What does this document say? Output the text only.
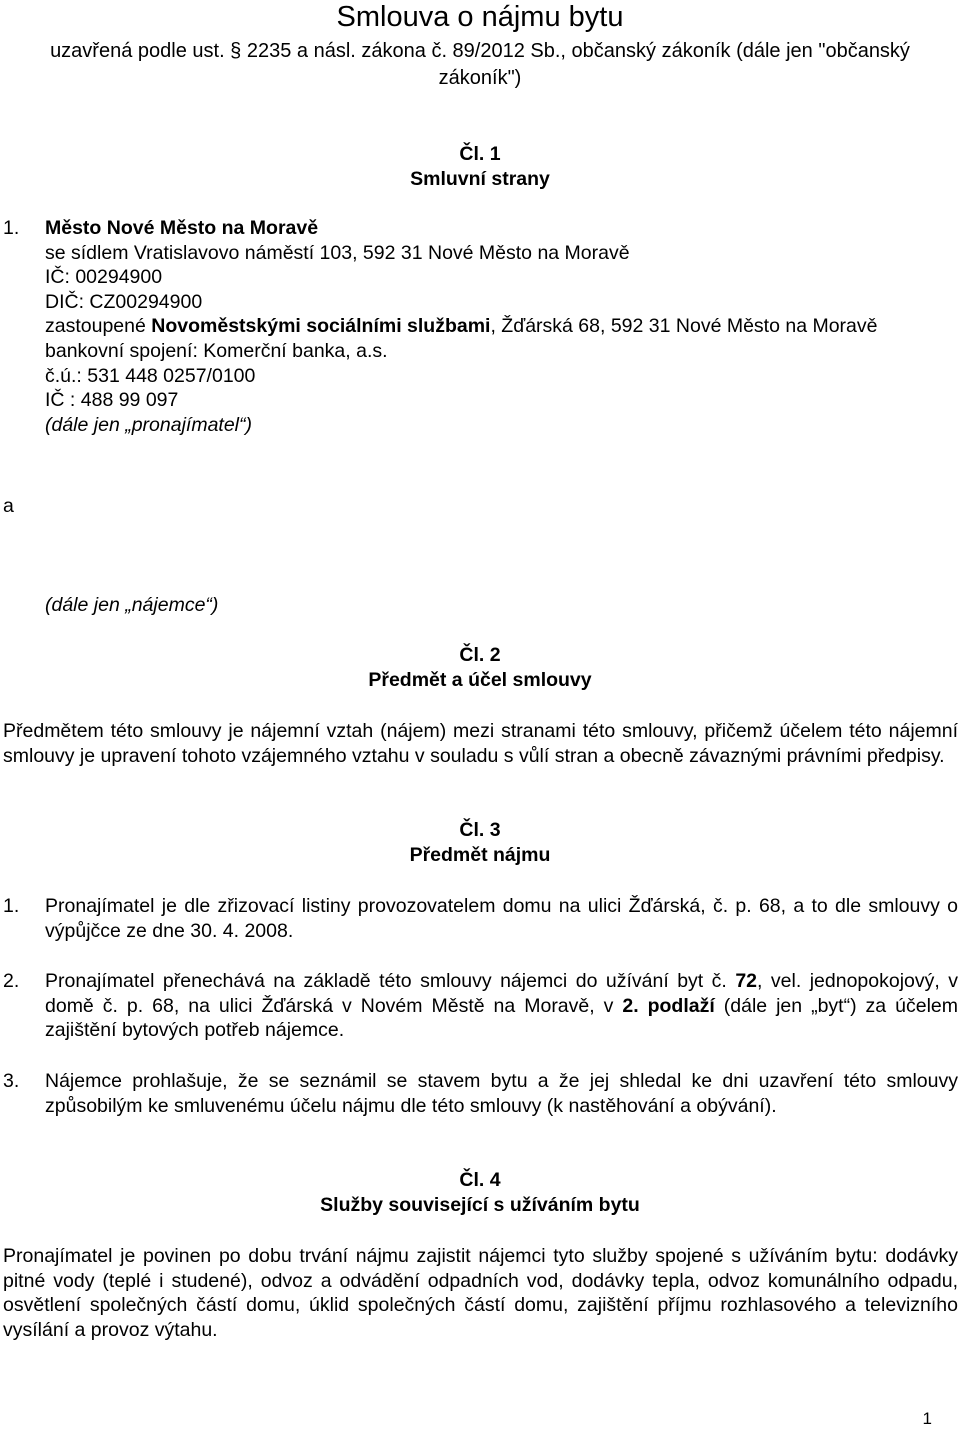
Smlouva o nájmu bytu
uzavřená podle ust. § 2235 a násl. zákona č. 89/2012 Sb., občanský zákoník (dále jen "občanský
zákoník")
Čl. 1
Smluvní strany
1. Město Nové Město na Moravě
se sídlem Vratislavovo náměstí 103, 592 31 Nové Město na Moravě
IČ: 00294900
DIČ: CZ00294900
zastoupené Novoměstskými sociálními službami, Žďárská 68, 592 31 Nové Město na Moravě
bankovní spojení: Komerční banka, a.s.
č.ú.: 531 448 0257/0100
IČ : 488 99 097
(dále jen „pronajímatel“)
a
(dále jen „nájemce“)
Čl. 2
Předmět a účel smlouvy
Předmětem této smlouvy je nájemní vztah (nájem) mezi stranami této smlouvy, přičemž účelem této nájemní smlouvy je upravení tohoto vzájemného vztahu v souladu s vůlí stran a obecně závaznými právními předpisy.
Čl. 3
Předmět nájmu
1. Pronajímatel je dle zřizovací listiny provozovatelem domu na ulici Žďárská, č. p. 68, a to dle smlouvy o výpůjčce ze dne 30. 4. 2008.
2. Pronajímatel přenechává na základě této smlouvy nájemci do užívání byt č. 72, vel. jednopokojový, v domě č. p. 68, na ulici Žďárská v Novém Městě na Moravě, v 2. podlaží (dále jen „byt“) za účelem zajištění bytových potřeb nájemce.
3. Nájemce prohlašuje, že se seznámil se stavem bytu a že jej shledal ke dni uzavření této smlouvy způsobilým ke smluvenému účelu nájmu dle této smlouvy (k nastěhování a obývání).
Čl. 4
Služby související s užíváním bytu
Pronajímatel je povinen po dobu trvání nájmu zajistit nájemci tyto služby spojené s užíváním bytu: dodávky pitné vody (teplé i studené), odvoz a odvádění odpadních vod, dodávky tepla, odvoz komunálního odpadu, osvětlení společných částí domu, úklid společných částí domu, zajištění příjmu rozhlasového a televizního vysílání a provoz výtahu.
1
